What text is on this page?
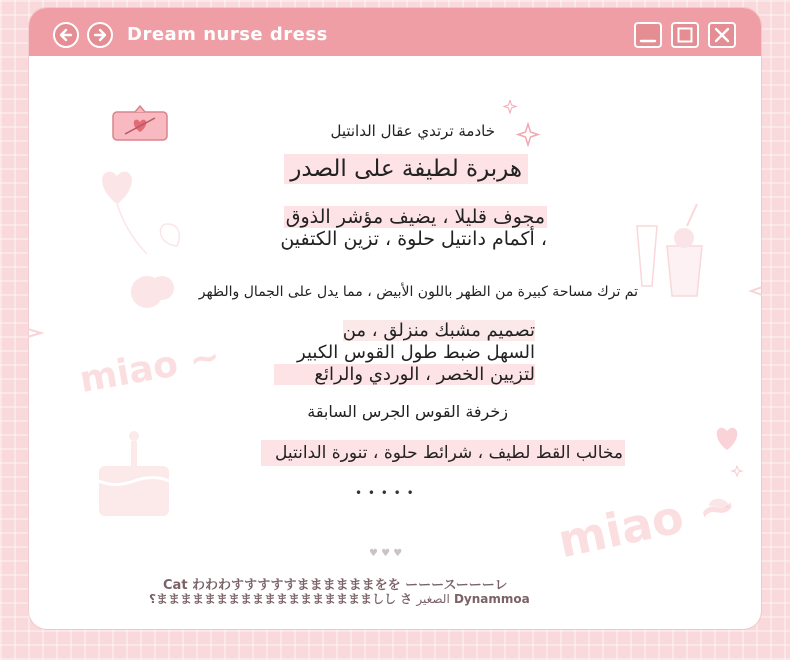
Dream nurse dress
miao ~
miao ~
خادمة ترتدي عقال الدانتيل
هربرة لطيفة على الصدر
مجوف قليلا ، يضيف مؤشر الذوق
، أكمام دانتيل حلوة ، تزين الكتفين
تم ترك مساحة كبيرة من الظهر باللون الأبيض ، مما يدل على الجمال والظهر
تصميم مشبك منزلق ، من
السهل ضبط طول القوس الكبير
لتزيين الخصر ، الوردي والرائع
زخرفة القوس الجرس السابقة
مخالب القط لطيف ، شرائط حلوة ، تنورة الدانتيل
• • • • •
♥ ♥ ♥
Cat わわわすすすすすままままままをを ーーースーーーレ
؟まままままままままままままままままましし さ الصغير Dynammoa
